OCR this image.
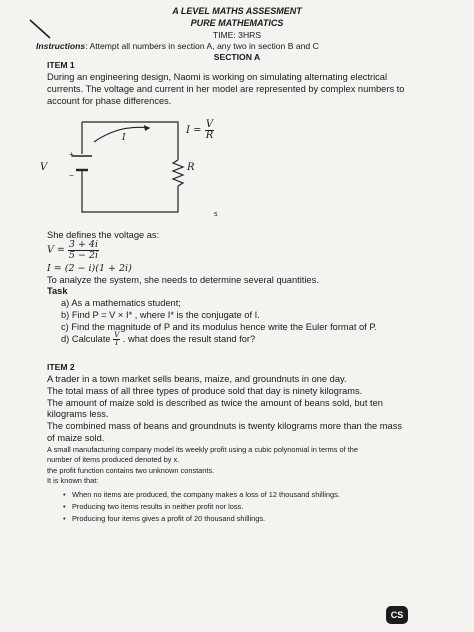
A LEVEL MATHS ASSESMENT
PURE MATHEMATICS
TIME: 3HRS
Instructions: Attempt all numbers in section A, any two in section B and C
SECTION A
ITEM 1
During an engineering design, Naomi is working on simulating alternating electrical
currents. The voltage and current in her model are represented by complex numbers to
account for phase differences.
I
+
−
V	R
$I = \frac{V}{R}$
s
She defines the voltage as:
$V = \frac{3 + 4i}{5 - 2i}$
I = (2 − i)(1 + 2i)
To analyze the system, she needs to determine several quantities.
Task
a) As a mathematics student;
b) Find P = V × I* , where I* is the conjugate of I.
c) Find the magnitude of P and its modulus hence write the Euler format of P.
d) Calculate $\frac{V}{I}$ . what does the result stand for?
ITEM 2
A trader in a town market sells beans, maize, and groundnuts in one day.
The total mass of all three types of produce sold that day is ninety kilograms.
The amount of maize sold is described as twice the amount of beans sold, but ten
kilograms less.
The combined mass of beans and groundnuts is twenty kilograms more than the mass
of maize sold.
A small manufacturing company model its weekly profit using a cubic polynomial in terms of the
number of items produced denoted by x.
the profit function contains two unknown constants.
It is known that:
• When no items are produced, the company makes a loss of 12 thousand shillings.
• Producing two items results in neither profit nor loss.
• Producing four items gives a profit of 20 thousand shillings.
CS
